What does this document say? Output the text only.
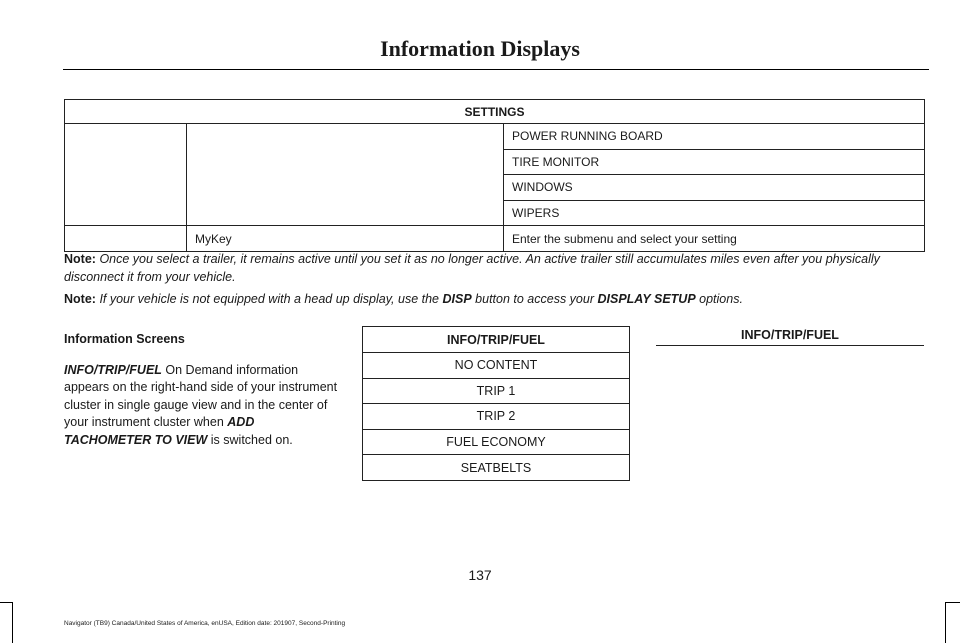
Information Displays
SETTINGS		
		POWER RUNNING BOARD
		TIRE MONITOR
		WINDOWS
		WIPERS
	MyKey	Enter the submenu and select your setting
Note: Once you select a trailer, it remains active until you set it as no longer active. An active trailer still accumulates miles even after you physically disconnect it from your vehicle.
Note: If your vehicle is not equipped with a head up display, use the DISP button to access your DISPLAY SETUP options.
Information Screens

INFO/TRIP/FUEL On Demand information appears on the right-hand side of your instrument cluster in single gauge view and in the center of your instrument cluster when ADD TACHOMETER TO VIEW is switched on.

INFO/TRIP/FUEL
NO CONTENT
TRIP 1
TRIP 2
FUEL ECONOMY
SEATBELTS
INFO/TRIP/FUEL
137
Navigator (TB9) Canada/United States of America, enUSA, Edition date: 201907, Second-Printing
